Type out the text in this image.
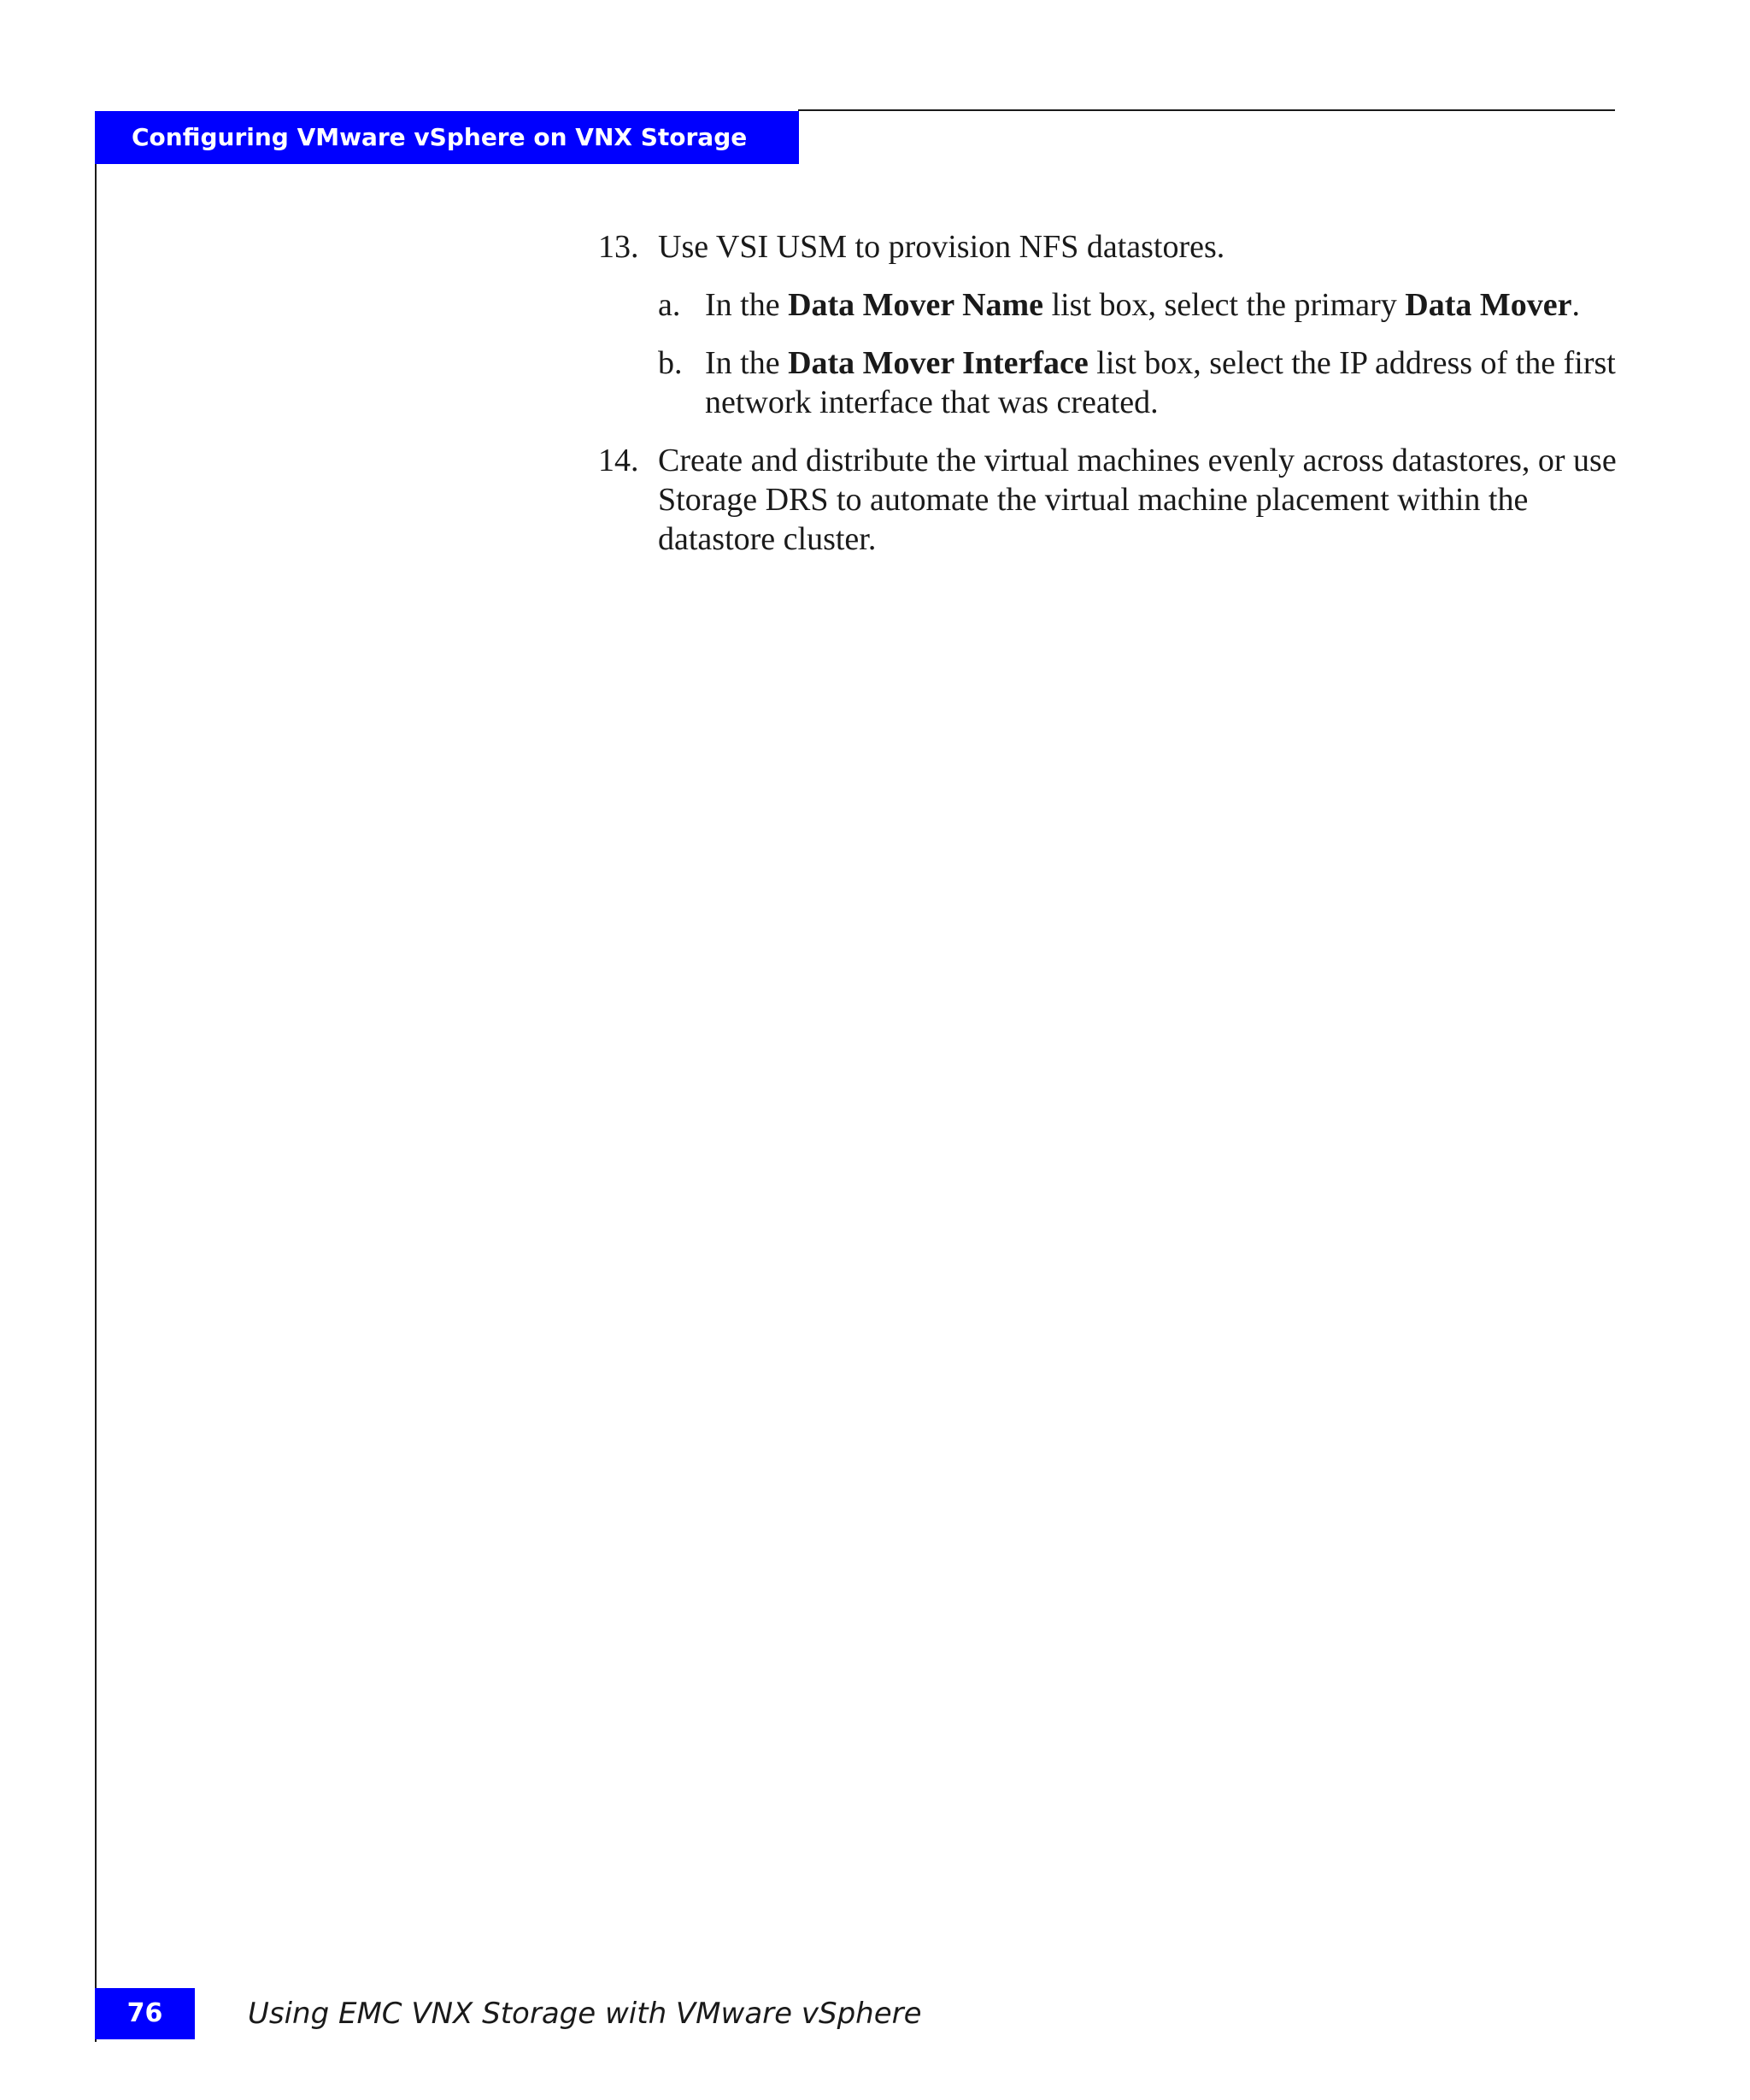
Configuring VMware vSphere on VNX Storage
13. Use VSI USM to provision NFS datastores.
a. In the Data Mover Name list box, select the primary Data Mover.
b. In the Data Mover Interface list box, select the IP address of the first network interface that was created.
14. Create and distribute the virtual machines evenly across datastores, or use Storage DRS to automate the virtual machine placement within the datastore cluster.
76	Using EMC VNX Storage with VMware vSphere
